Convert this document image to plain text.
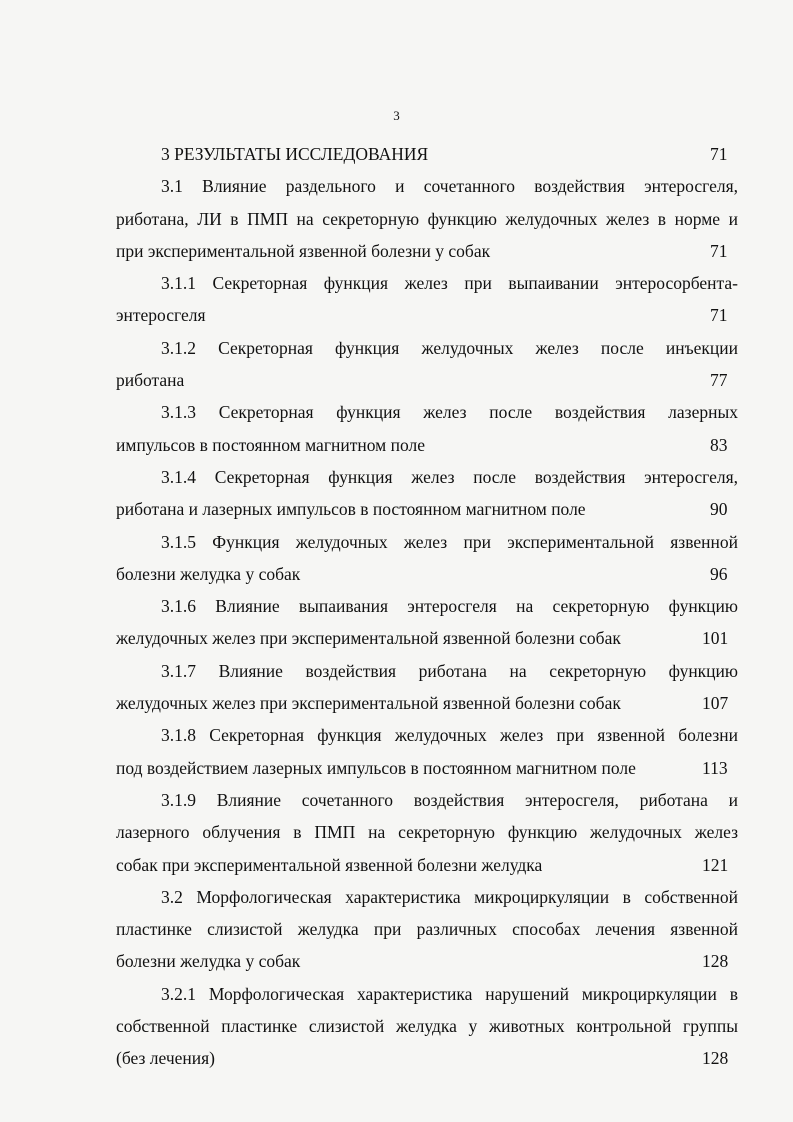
3
3 РЕЗУЛЬТАТЫ ИССЛЕДОВАНИЯ	71
3.1 Влияние раздельного и сочетанного воздействия энтеросгеля,
риботана, ЛИ в ПМП на секреторную функцию желудочных желез в норме и
при экспериментальной язвенной болезни у собак	71
3.1.1 Секреторная функция желез при выпаивании энтеросорбента-
энтеросгеля	71
3.1.2 Секреторная функция желудочных желез после инъекции
риботана	77
3.1.3 Секреторная функция желез после воздействия лазерных
импульсов в постоянном магнитном поле	83
3.1.4 Секреторная функция желез после воздействия энтеросгеля,
риботана и лазерных импульсов в постоянном магнитном поле	90
3.1.5 Функция желудочных желез при экспериментальной язвенной
болезни желудка у собак	96
3.1.6 Влияние выпаивания энтеросгеля на секреторную функцию
желудочных желез при экспериментальной язвенной болезни собак	101
3.1.7 Влияние воздействия риботана на секреторную функцию
желудочных желез при экспериментальной язвенной болезни собак	107
3.1.8 Секреторная функция желудочных желез при язвенной болезни
под воздействием лазерных импульсов в постоянном магнитном поле	113
3.1.9 Влияние сочетанного воздействия энтеросгеля, риботана и
лазерного облучения в ПМП на секреторную функцию желудочных желез
собак при экспериментальной язвенной болезни желудка	121
3.2 Морфологическая характеристика микроциркуляции в собственной
пластинке слизистой желудка при различных способах лечения язвенной
болезни желудка у собак	128
3.2.1 Морфологическая характеристика нарушений микроциркуляции в
собственной пластинке слизистой желудка у животных контрольной группы
(без лечения)	128
